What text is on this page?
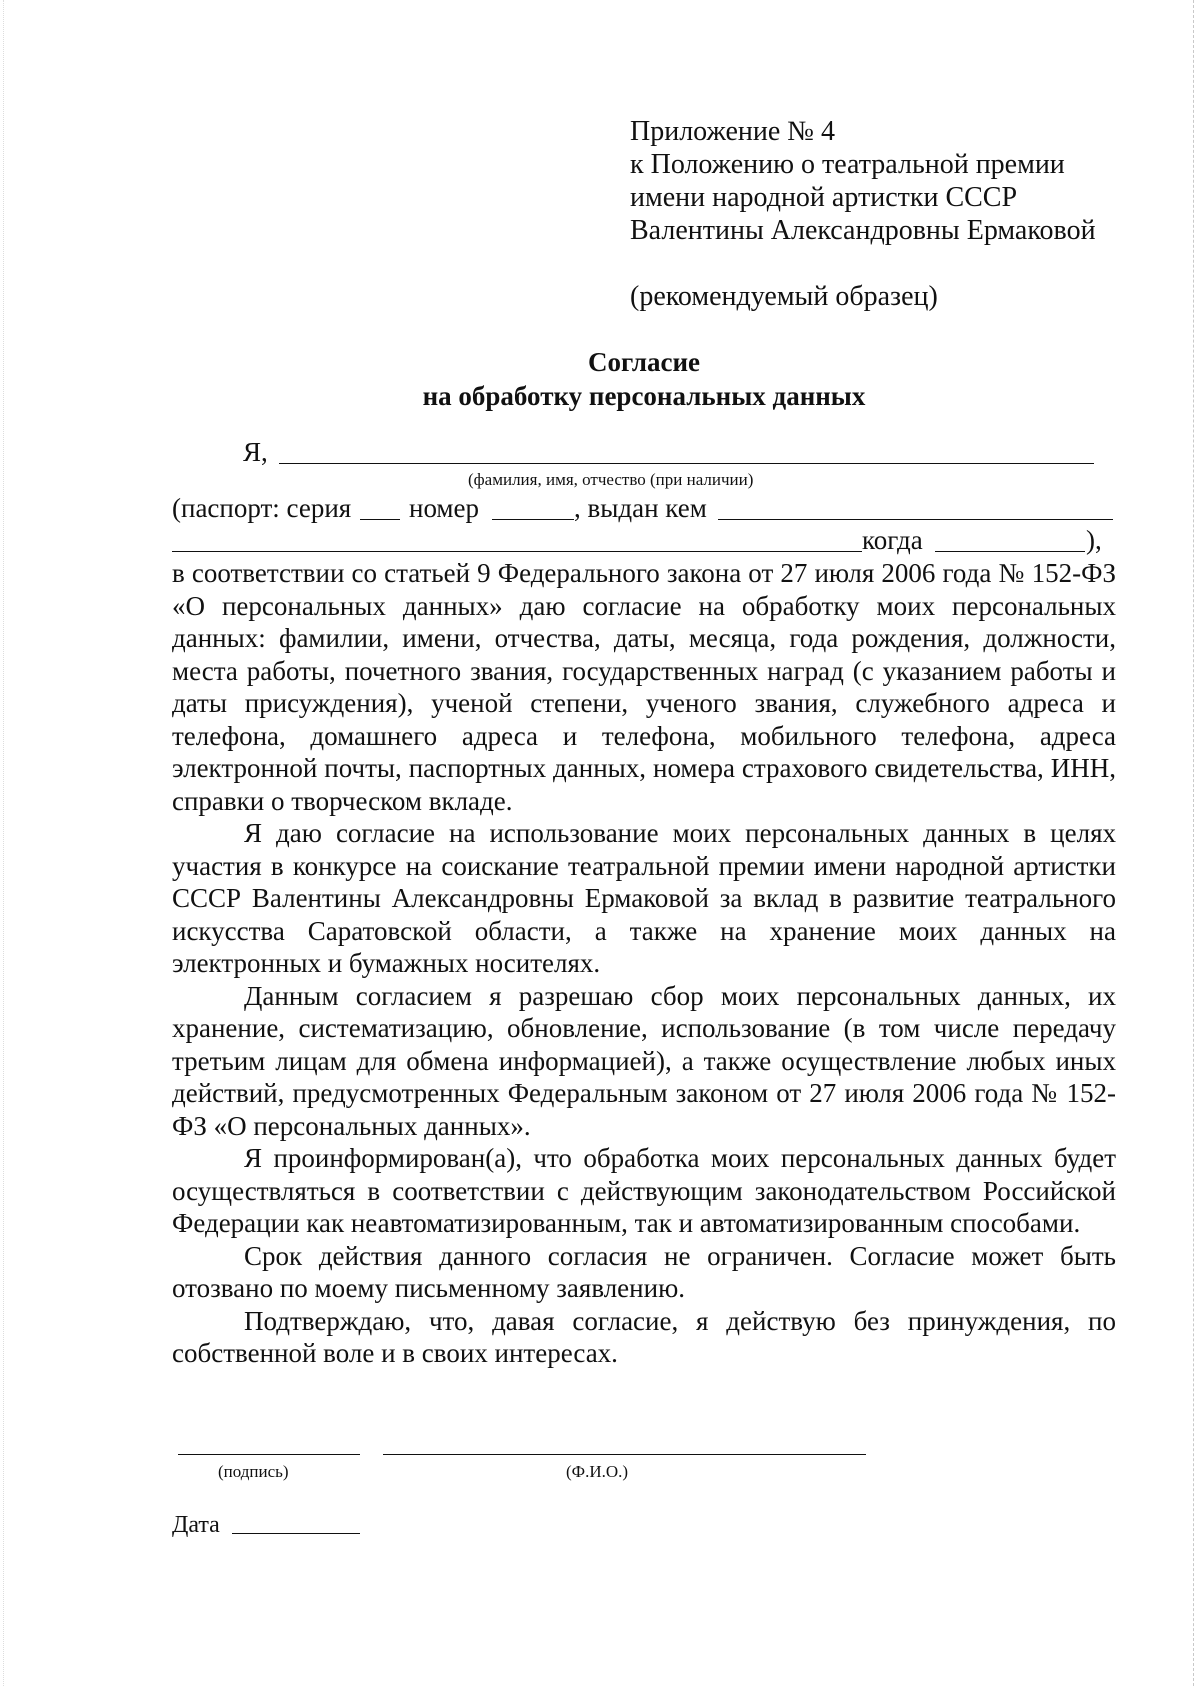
Приложение № 4
к Положению о театральной премии
имени народной артистки СССР
Валентины Александровны Ермаковой
(рекомендуемый образец)
Согласие
на обработку персональных данных
Я,
(фамилия, имя, отчество (при наличии)
(паспорт: серия номер	, выдан кем
когда	),

в соответствии со статьей 9 Федерального закона от 27 июля 2006 года № 152-ФЗ «О персональных данных» даю согласие на обработку моих персональных данных: фамилии, имени, отчества, даты, месяца, года рождения, должности, места работы, почетного звания, государственных наград (с указанием работы и даты присуждения), ученой степени, ученого звания, служебного адреса и телефона, домашнего адреса и телефона, мобильного телефона, адреса электронной почты, паспортных данных, номера страхового свидетельства, ИНН, справки о творческом вкладе.

Я даю согласие на использование моих персональных данных в целях участия в конкурсе на соискание театральной премии имени народной артистки СССР Валентины Александровны Ермаковой за вклад в развитие театрального искусства Саратовской области, а также на хранение моих данных на электронных и бумажных носителях.

Данным согласием я разрешаю сбор моих персональных данных, их хранение, систематизацию, обновление, использование (в том числе передачу третьим лицам для обмена информацией), а также осуществление любых иных действий, предусмотренных Федеральным законом от 27 июля 2006 года № 152-ФЗ «О персональных данных».

Я проинформирован(а), что обработка моих персональных данных будет осуществляться в соответствии с действующим законодательством Российской Федерации как неавтоматизированным, так и автоматизированным способами.

Срок действия данного согласия не ограничен. Согласие может быть отозвано по моему письменному заявлению.

Подтверждаю, что, давая согласие, я действую без принуждения, по собственной воле и в своих интересах.

(подпись)	(Ф.И.О.)
Дата
